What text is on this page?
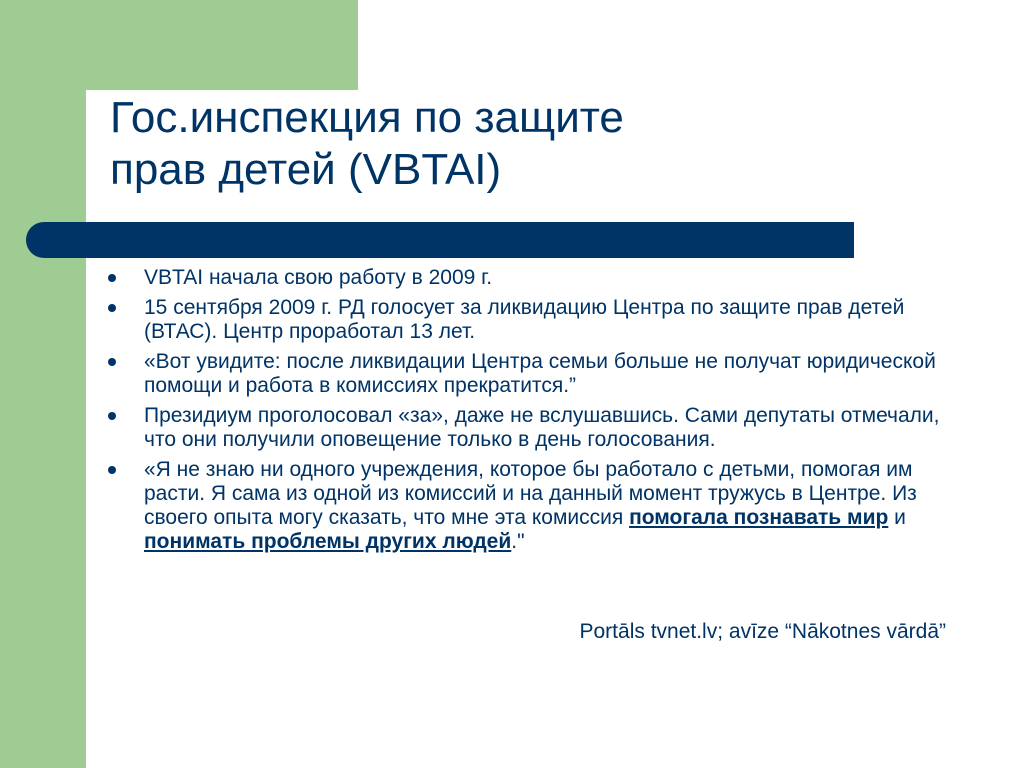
Гос.инспекция по защите
прав детей (VBTAI)
VBTAI начала свою работу в 2009 г.
15 сентября 2009 г. РД голосует за ликвидацию Центра по защите прав детей (ВТАС). Центр проработал 13 лет.
«Вот увидите: после ликвидации Центра семьи больше не получат юридической помощи и работа в комиссиях прекратится.”
Президиум проголосовал «за», даже не вслушавшись. Сами депутаты отмечали, что они получили оповещение только в день голосования.
«Я не знаю ни одного учреждения, которое бы работало с детьми, помогая им расти. Я сама из одной из комиссий и на данный момент тружусь в Центре. Из своего опыта могу сказать, что мне эта комиссия помогала познавать мир и понимать проблемы других людей."
Portāls tvnet.lv; avīze “Nākotnes vārdā”
